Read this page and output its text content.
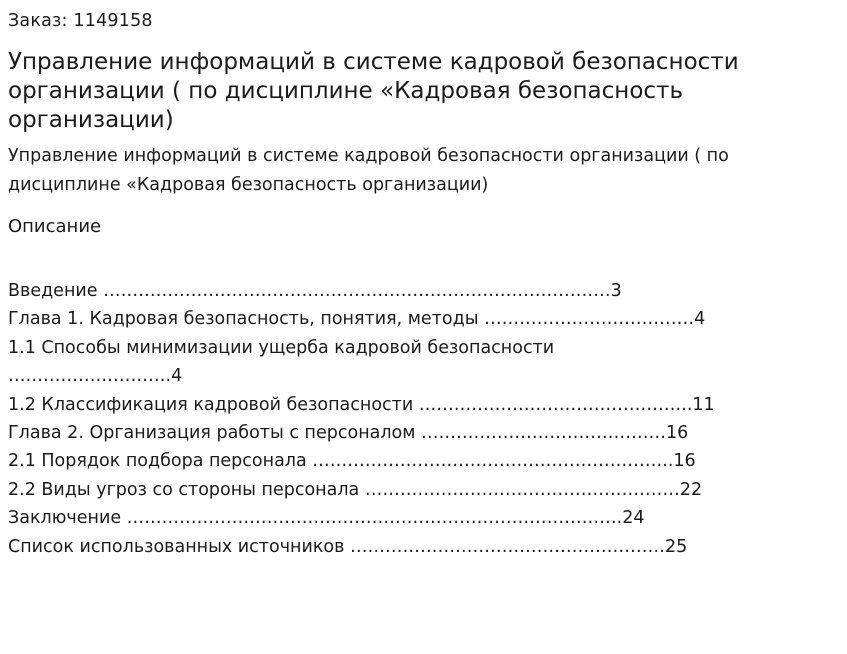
Заказ: 1149158
Управление информаций в системе кадровой безопасности организации ( по дисциплине «Кадровая безопасность организации)
Управление информаций в системе кадровой безопасности организации ( по дисциплине «Кадровая безопасность организации)
Описание
Введение ……………………………………………………………………………3
Глава 1. Кадровая безопасность, понятия, методы ………………………………4
1.1 Способы минимизации ущерба кадровой безопасности
……………………….4
1.2 Классификация кадровой безопасности ………………………………………..11
Глава 2. Организация работы с персоналом ……………………………………16
2.1 Порядок подбора персонала ……………………………………………………..16
2.2 Виды угроз со стороны персонала ………………………………………………22
Заключение ………………………………………………………………………….24
Список использованных источников ………………………………………………25
